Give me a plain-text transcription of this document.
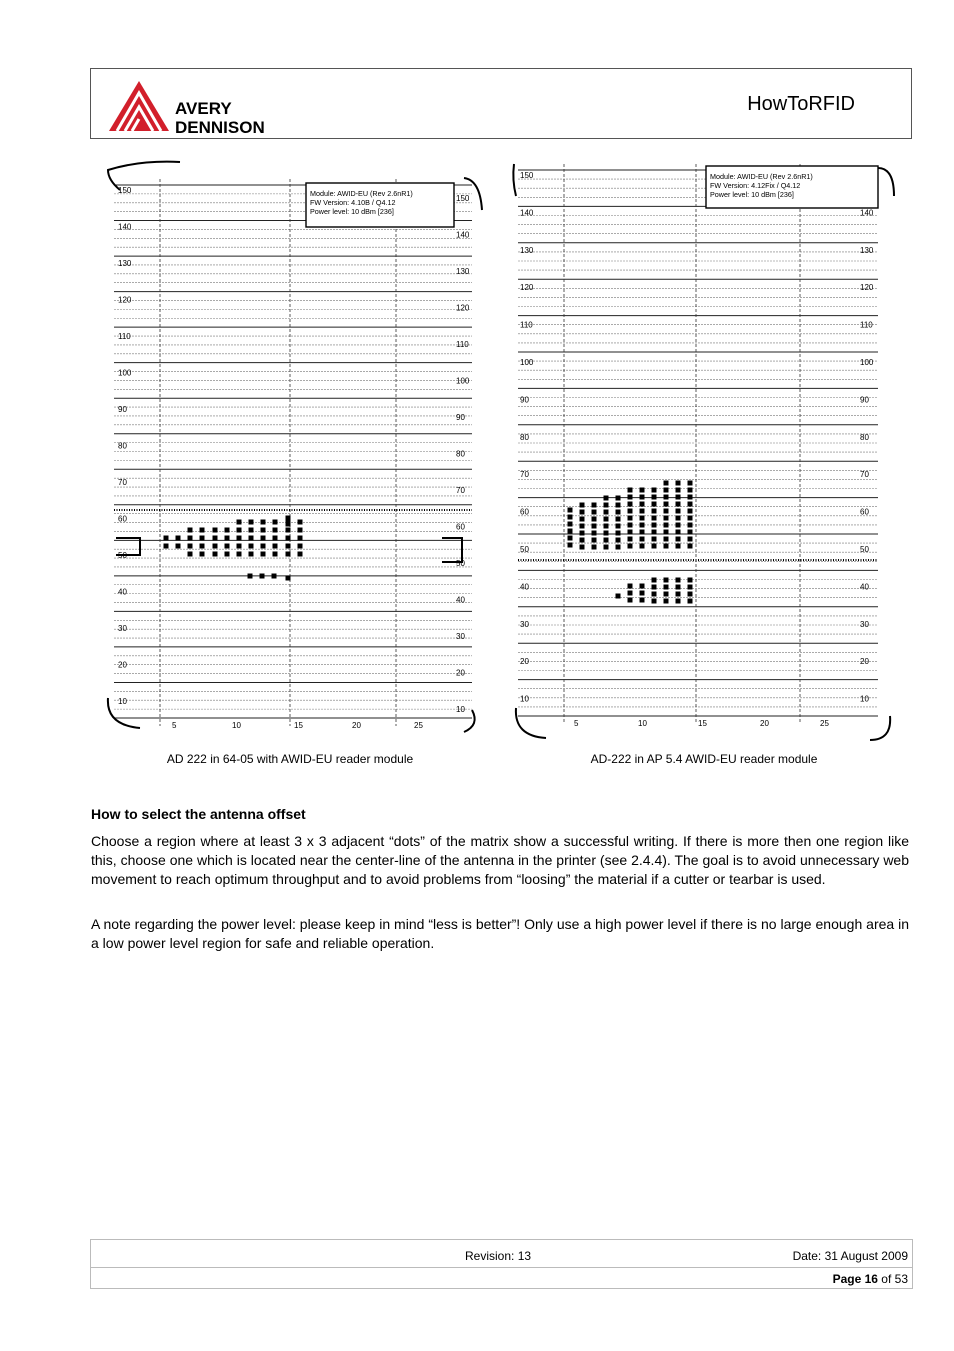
AVERY
DENNISON
HowToRFID
150
150
140
140
130
130
120
120
110
110
100
100
90
90
80
80
70
70
60
60
50
50
40
40
30
30
20
20
10
10
5	10	15	20	25
Module: AWID-EU (Rev 2.6nR1)
FW Version: 4.10B / Q4.12
Power level: 10 dBm [236]
AD 222 in 64-05 with AWID-EU reader module
150
140	140
130	130
120	120
110	110
100	100
90	90
80	80
70	70
60	60
50	50
40	40
30	30
20	20
10	10
5	10	15	20	25
Module: AWID-EU (Rev 2.6nR1)
FW Version: 4.12Fix / Q4.12
Power level: 10 dBm [236]
AD-222 in AP 5.4 AWID-EU reader module
How to select the antenna offset

Choose a region where at least 3 x 3 adjacent “dots” of the matrix show a successful writing. If there is more then one region like this, choose one which is located near the center-line of the antenna in the printer (see 2.4.4). The goal is to avoid unnecessary web movement to reach optimum throughput and to avoid problems from “loosing” the material if a cutter or tearbar is used.

A note regarding the power level: please keep in mind “less is better”! Only use a high power level if there is no large enough area in a low power level region for safe and reliable operation.

Revision: 13	Date: 31 August 2009
Page 16 of 53
